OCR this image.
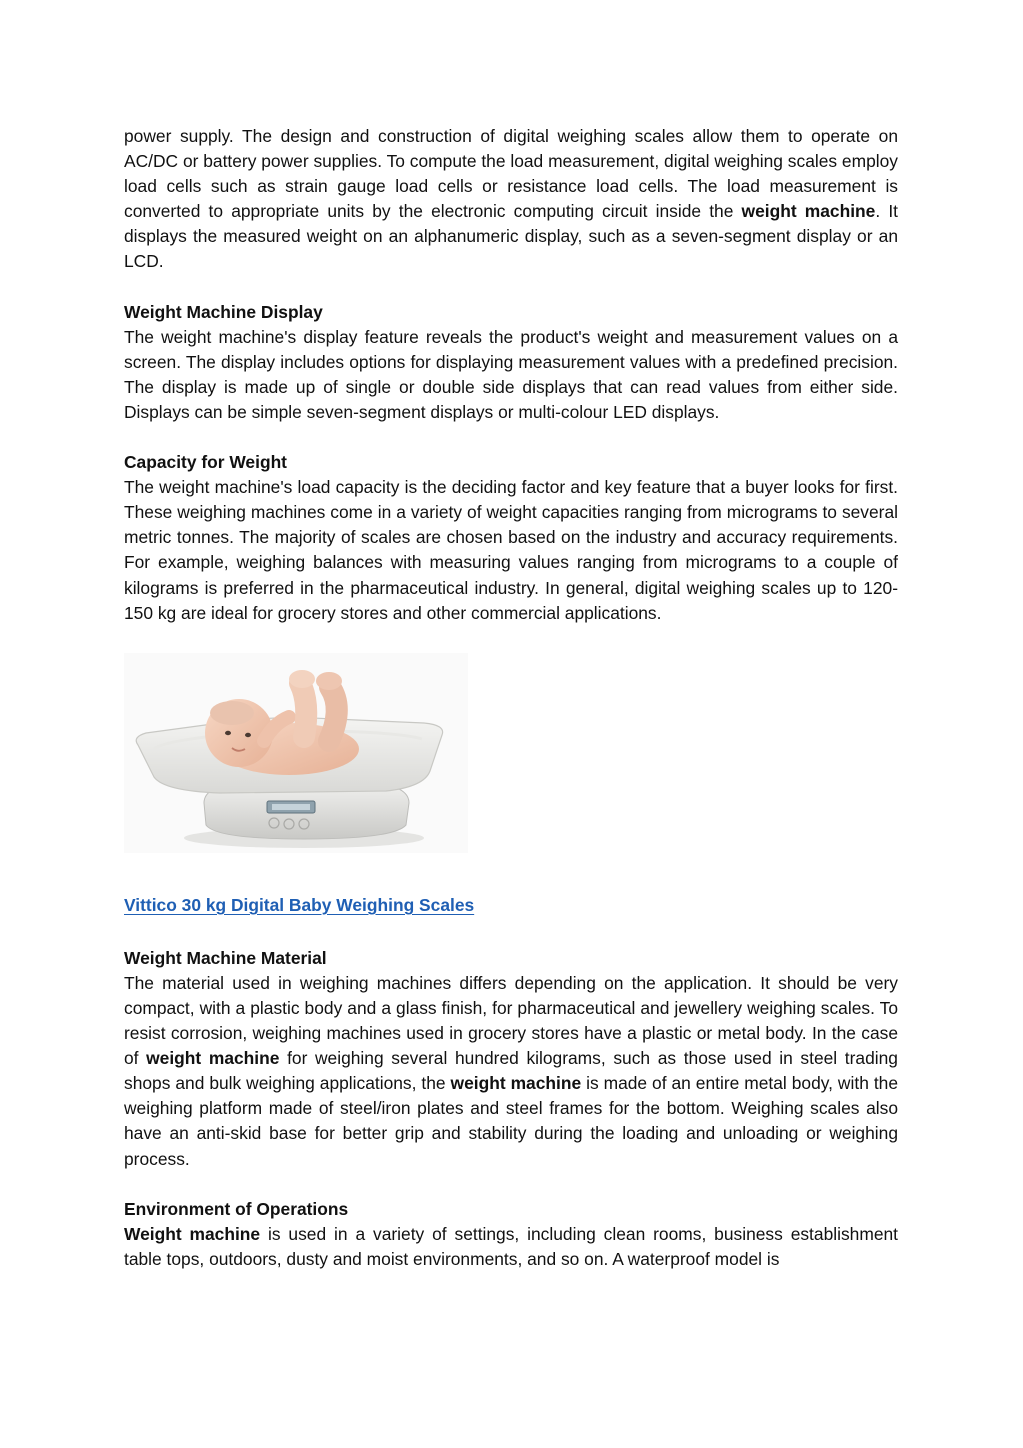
power supply. The design and construction of digital weighing scales allow them to operate on AC/DC or battery power supplies. To compute the load measurement, digital weighing scales employ load cells such as strain gauge load cells or resistance load cells. The load measurement is converted to appropriate units by the electronic computing circuit inside the weight machine. It displays the measured weight on an alphanumeric display, such as a seven-segment display or an LCD.

Weight Machine Display

The weight machine's display feature reveals the product's weight and measurement values on a screen. The display includes options for displaying measurement values with a predefined precision. The display is made up of single or double side displays that can read values from either side. Displays can be simple seven-segment displays or multi-colour LED displays.

Capacity for Weight

The weight machine's load capacity is the deciding factor and key feature that a buyer looks for first. These weighing machines come in a variety of weight capacities ranging from micrograms to several metric tonnes. The majority of scales are chosen based on the industry and accuracy requirements. For example, weighing balances with measuring values ranging from micrograms to a couple of kilograms is preferred in the pharmaceutical industry. In general, digital weighing scales up to 120-150 kg are ideal for grocery stores and other commercial applications.

Vittico 30 kg Digital Baby Weighing Scales

Weight Machine Material

The material used in weighing machines differs depending on the application. It should be very compact, with a plastic body and a glass finish, for pharmaceutical and jewellery weighing scales. To resist corrosion, weighing machines used in grocery stores have a plastic or metal body. In the case of weight machine for weighing several hundred kilograms, such as those used in steel trading shops and bulk weighing applications, the weight machine is made of an entire metal body, with the weighing platform made of steel/iron plates and steel frames for the bottom. Weighing scales also have an anti-skid base for better grip and stability during the loading and unloading or weighing process.

Environment of Operations

Weight machine is used in a variety of settings, including clean rooms, business establishment table tops, outdoors, dusty and moist environments, and so on. A waterproof model is
